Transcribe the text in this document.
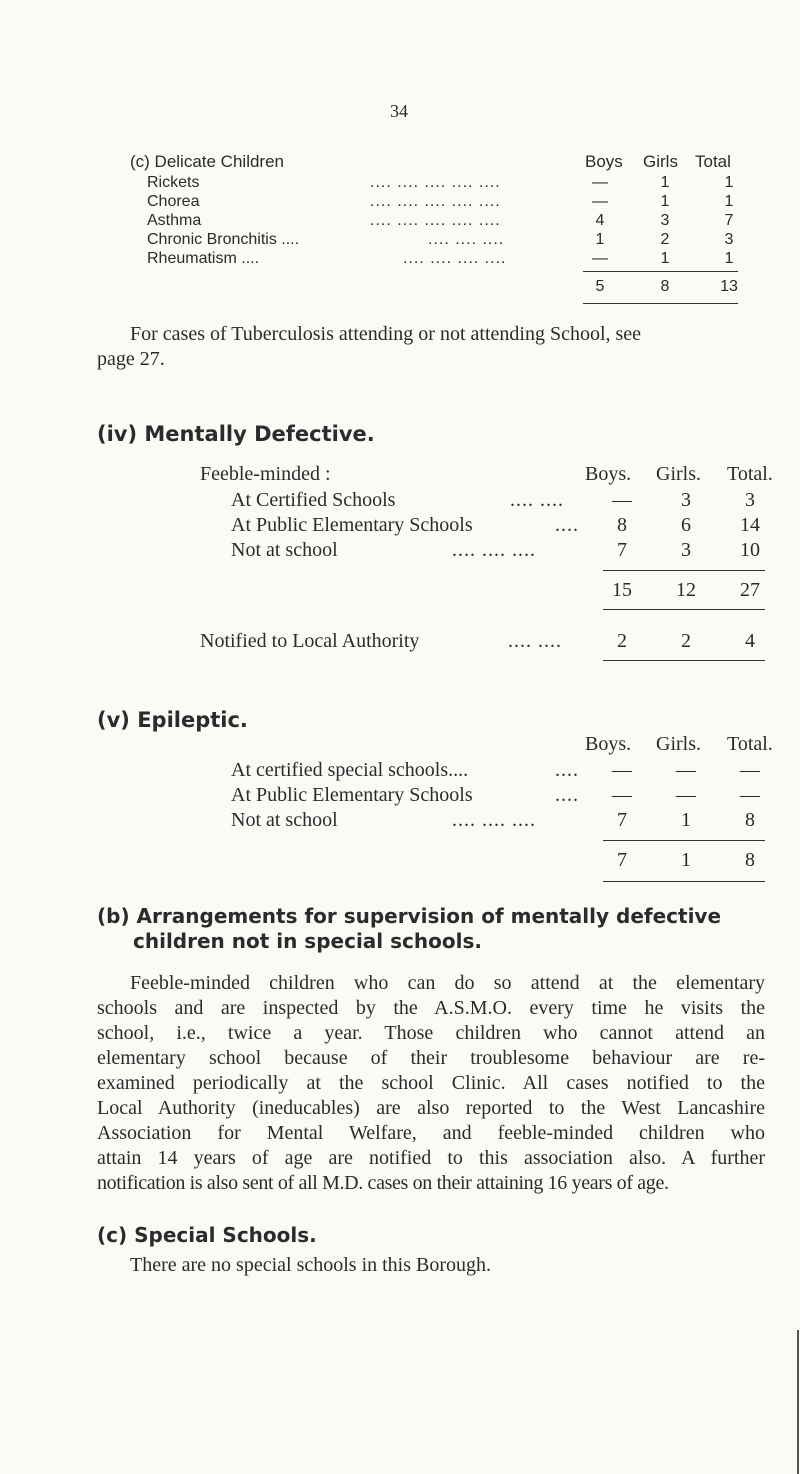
34
(c) Delicate Children	Boys Girls Total
Rickets	.... .... .... .... ....	—	1	1
Chorea	.... .... .... .... ....	—	1	1
Asthma	.... .... .... .... ....	4	3	7
Chronic Bronchitis ....	.... .... ....	1	2	3
Rheumatism ....	.... .... .... ....	—	1	1
5	8	13
For cases of Tuberculosis attending or not attending School, see
page 27.
(iv) Mentally Defective.
Feeble-minded :	Boys. Girls. Total.
At Certified Schools	.... ....	—	3	3
At Public Elementary Schools	....	8	6	14
Not at school	.... .... ....	7	3	10
15	12	27
Notified to Local Authority	.... ....	2	2	4
(v) Epileptic.
Boys. Girls. Total.
At certified special schools....	....	—	—	—
At Public Elementary Schools	....	—	—	—
Not at school	.... .... ....	7	1	8
7	1	8
(b) Arrangements for supervision of mentally defective
children not in special schools.
Feeble-minded children who can do so attend at the elementary
schools and are inspected by the A.S.M.O. every time he visits the
school, i.e., twice a year. Those children who cannot attend an
elementary school because of their troublesome behaviour are re-
examined periodically at the school Clinic. All cases notified to the
Local Authority (ineducables) are also reported to the West Lancashire
Association for Mental Welfare, and feeble-minded children who
attain 14 years of age are notified to this association also. A further
notification is also sent of all M.D. cases on their attaining 16 years of age.
(c) Special Schools.
There are no special schools in this Borough.
